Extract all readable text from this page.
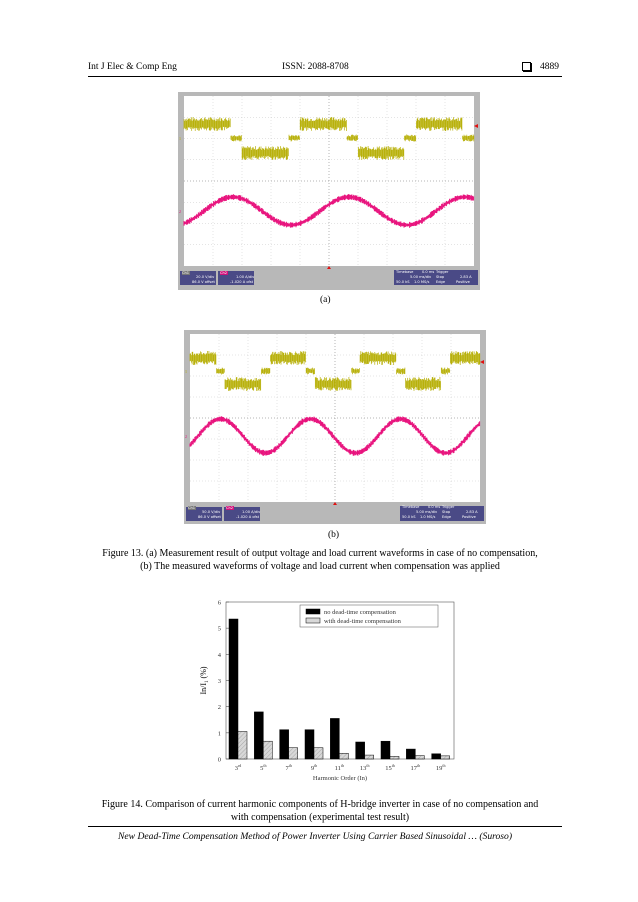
Int J Elec & Comp Eng	ISSN: 2088-8708	4889
1
2
Ch1
20.0 V/div
86.0 V offset
Ch2
1.00 A/div
-1.020 A ofst
Timebase 0.0 ms Trigger
5.00 ms/div Stop	2.83 A
50.0 kS 1.0 MS/s Edge	Positive
(a)
1
2
Ch1
50.0 V/div
86.0 V offset
Ch2
1.00 A/div
-1.020 A ofst
Timebase 0.0 ms Trigger
5.00 ms/div Stop	2.83 A
50.0 kS 1.0 MS/s Edge	Positive
(b)
Figure 13. (a) Measurement result of output voltage and load current waveforms in case of no compensation,
(b) The measured waveforms of voltage and load current when compensation was applied
0
1
2
3
4
5
6
3rd	5th	7th	9th	11th 13th 15th 17th 19th
Harmonic Order (In)
$In/I_1$ (%)
no dead-time compensation
with dead-time compensation
Figure 14. Comparison of current harmonic components of H-bridge inverter in case of no compensation and
with compensation (experimental test result)
New Dead-Time Compensation Method of Power Inverter Using Carrier Based Sinusoidal … (Suroso)
